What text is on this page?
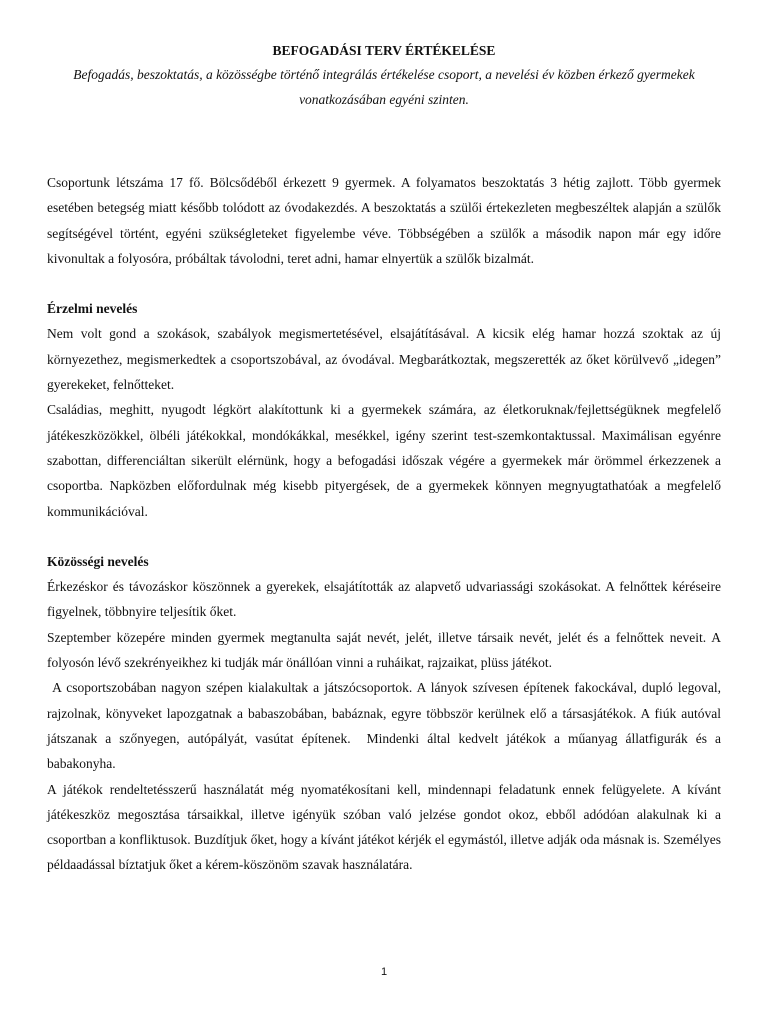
BEFOGADÁSI TERV ÉRTÉKELÉSE

Befogadás, beszoktatás, a közösségbe történő integrálás értékelése csoport, a nevelési év közben érkező gyermekek vonatkozásában egyéni szinten.

Csoportunk létszáma 17 fő. Bölcsődéből érkezett 9 gyermek. A folyamatos beszoktatás 3 hétig zajlott. Több gyermek esetében betegség miatt később tolódott az óvodakezdés. A beszoktatás a szülői értekezleten megbeszéltek alapján a szülők segítségével történt, egyéni szükségleteket figyelembe véve. Többségében a szülők a második napon már egy időre kivonultak a folyosóra, próbáltak távolodni, teret adni, hamar elnyertük a szülők bizalmát.

Érzelmi nevelés

Nem volt gond a szokások, szabályok megismertetésével, elsajátításával. A kicsik elég hamar hozzá szoktak az új környezethez, megismerkedtek a csoportszobával, az óvodával. Megbarátkoztak, megszerették az őket körülvevő „idegen” gyerekeket, felnőtteket.

Családias, meghitt, nyugodt légkört alakítottunk ki a gyermekek számára, az életkoruknak/fejlettségüknek megfelelő játékeszközökkel, ölbéli játékokkal, mondókákkal, mesékkel, igény szerint test-szemkontaktussal. Maximálisan egyénre szabottan, differenciáltan sikerült elérnünk, hogy a befogadási időszak végére a gyermekek már örömmel érkezzenek a csoportba. Napközben előfordulnak még kisebb pityergések, de a gyermekek könnyen megnyugtathatóak a megfelelő kommunikációval.

Közösségi nevelés

Érkezéskor és távozáskor köszönnek a gyerekek, elsajátították az alapvető udvariassági szokásokat. A felnőttek kéréseire figyelnek, többnyire teljesítik őket.

Szeptember közepére minden gyermek megtanulta saját nevét, jelét, illetve társaik nevét, jelét és a felnőttek neveit. A folyosón lévő szekrényeikhez ki tudják már önállóan vinni a ruháikat, rajzaikat, plüss játékot.

A csoportszobában nagyon szépen kialakultak a játszócsoportok. A lányok szívesen építenek fakockával, dupló legoval, rajzolnak, könyveket lapozgatnak a babaszobában, babáznak, egyre többször kerülnek elő a társasjátékok. A fiúk autóval játszanak a szőnyegen, autópályát, vasútat építenek.  Mindenki által kedvelt játékok a műanyag állatfigurák és a babakonyha.

A játékok rendeltetésszerű használatát még nyomatékosítani kell, mindennapi feladatunk ennek felügyelete. A kívánt játékeszköz megosztása társaikkal, illetve igényük szóban való jelzése gondot okoz, ebből adódóan alakulnak ki a csoportban a konfliktusok. Buzdítjuk őket, hogy a kívánt játékot kérjék el egymástól, illetve adják oda másnak is. Személyes példaadással bíztatjuk őket a kérem-köszönöm szavak használatára.

1
